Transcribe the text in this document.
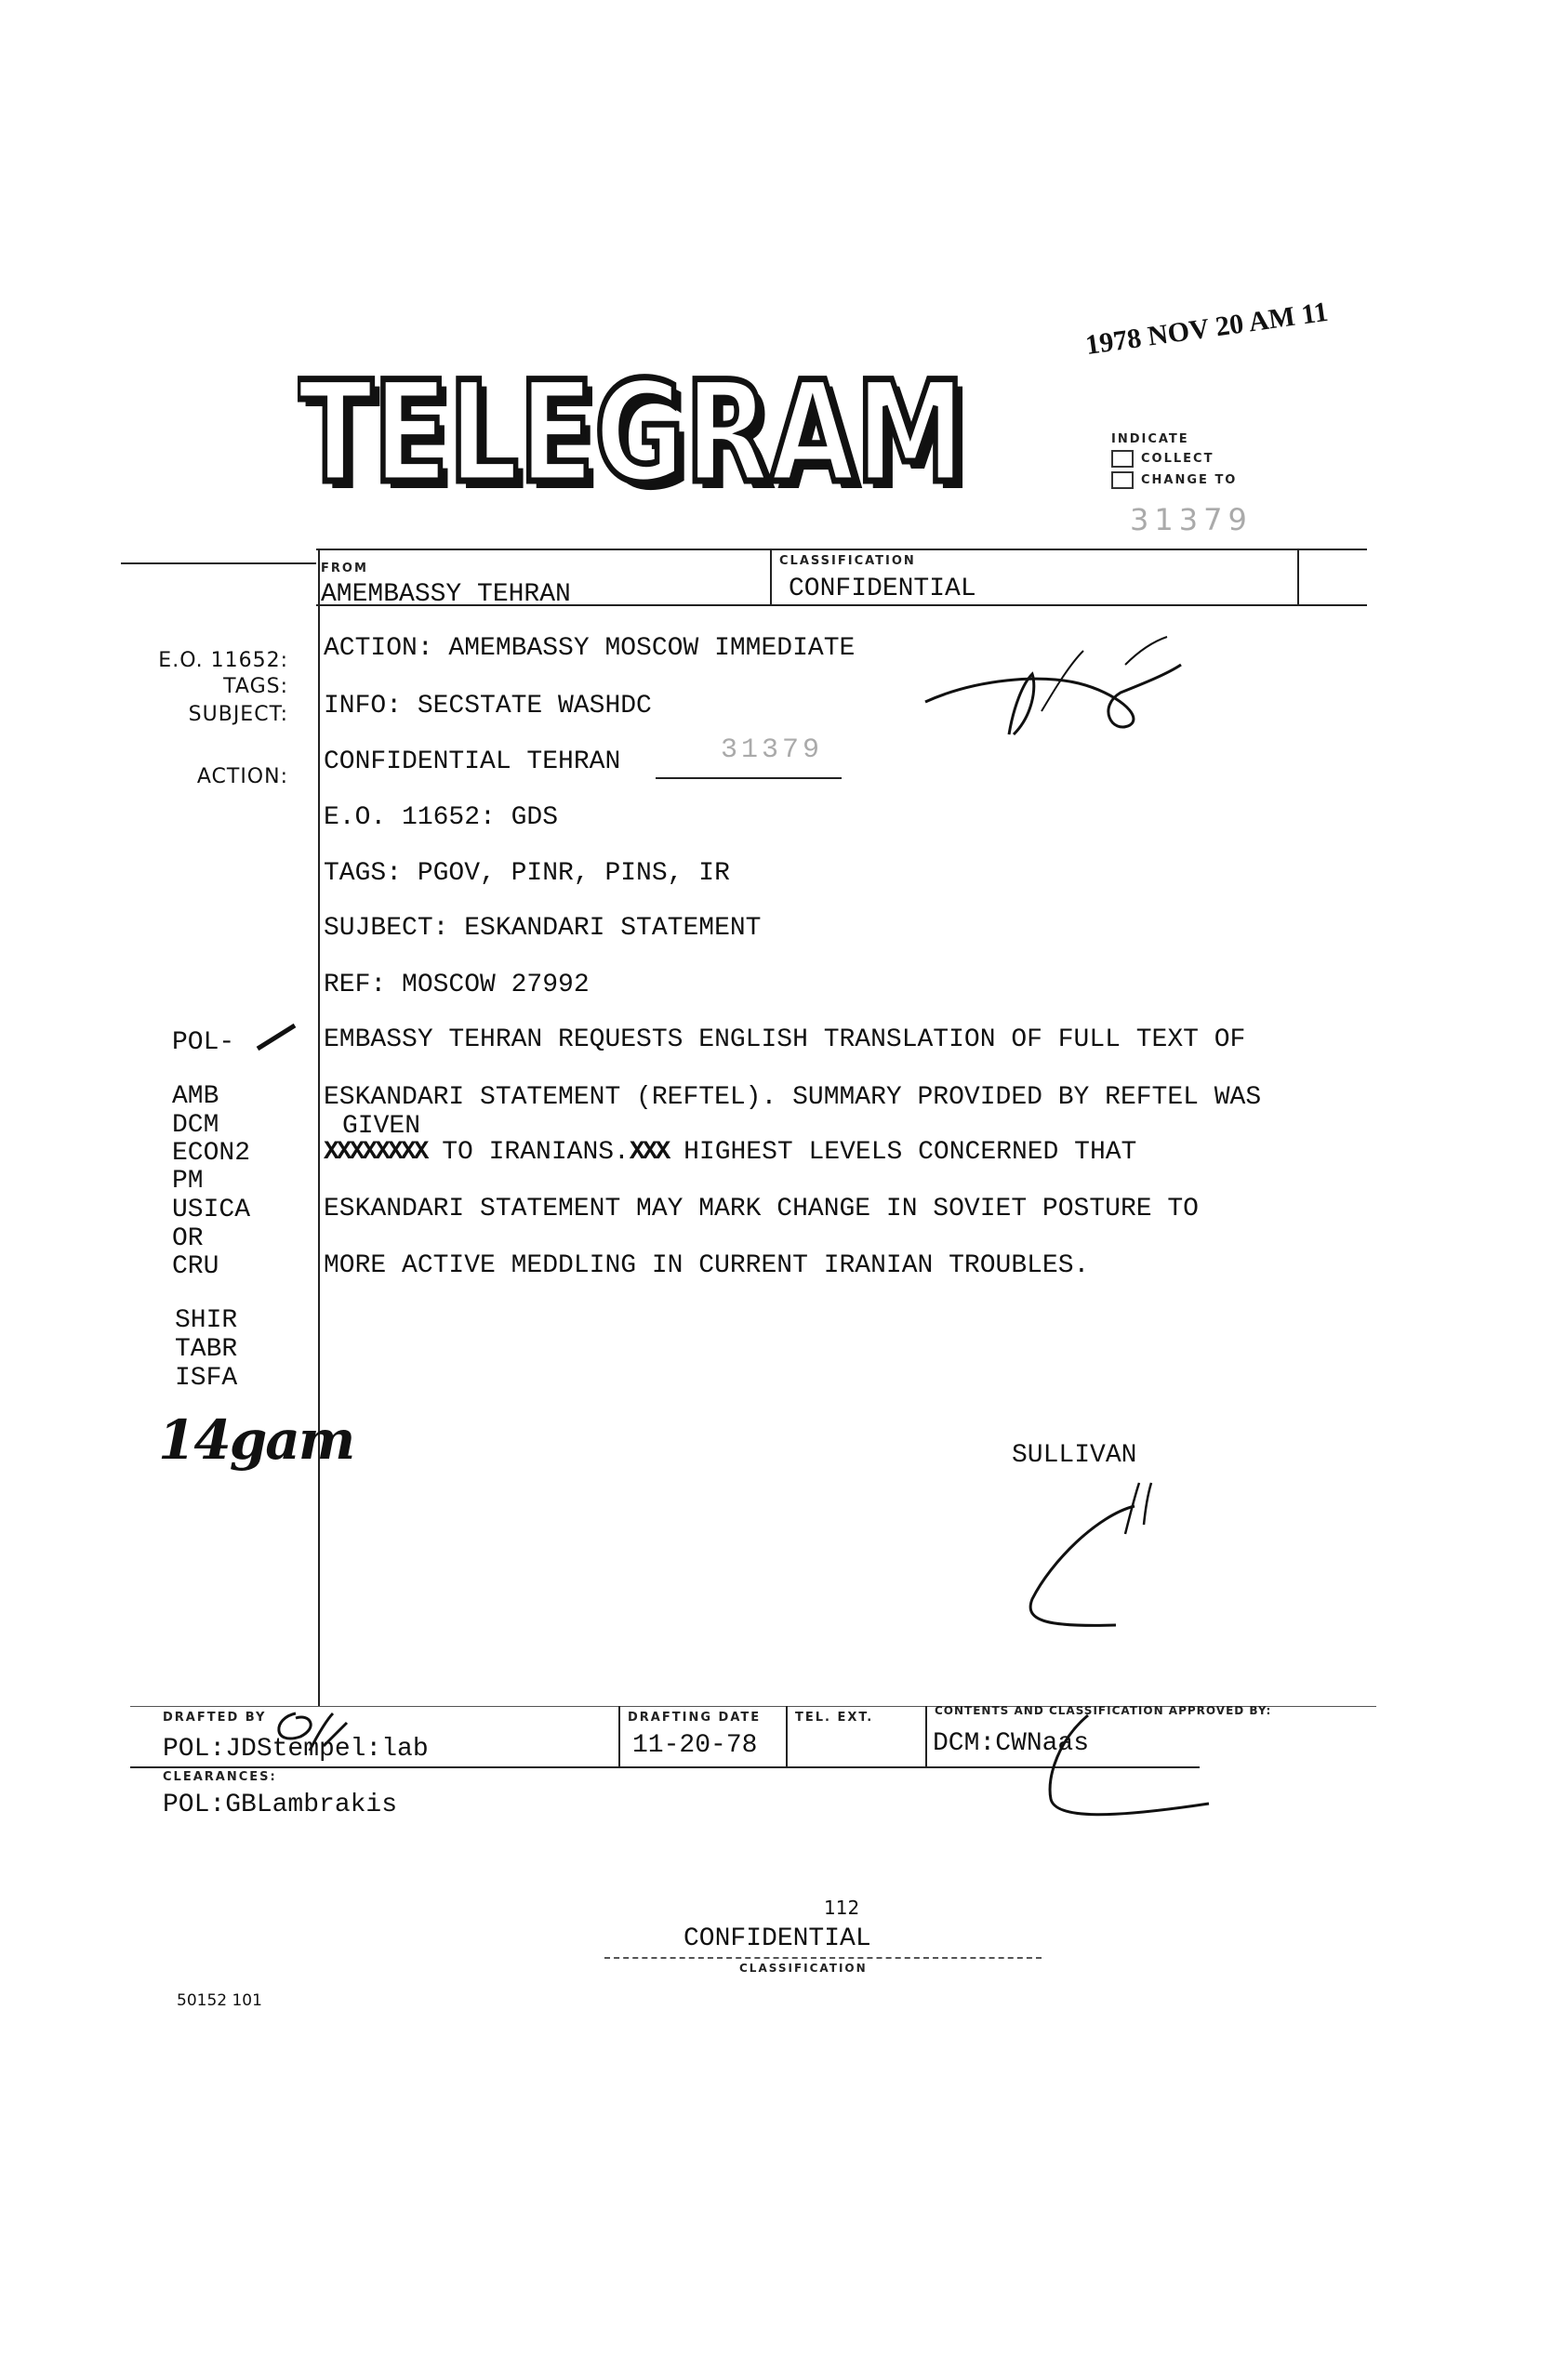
TELEGRAM
TELEGRAM
1978 NOV 20 AM 11
INDICATE
COLLECT
CHANGE TO
31379
FROM
AMEMBASSY TEHRAN
CLASSIFICATION
CONFIDENTIAL
E.O. 11652:
TAGS:
SUBJECT:
ACTION:
ACTION: AMEMBASSY MOSCOW IMMEDIATE
INFO: SECSTATE WASHDC
CONFIDENTIAL TEHRAN	31379
E.O. 11652: GDS
TAGS: PGOV, PINR, PINS, IR
SUJBECT: ESKANDARI STATEMENT
REF: MOSCOW 27992
EMBASSY TEHRAN REQUESTS ENGLISH TRANSLATION OF FULL TEXT OF
ESKANDARI STATEMENT (REFTEL). SUMMARY PROVIDED BY REFTEL WAS
GIVEN
XXXXXXXX TO IRANIANS.XXX HIGHEST LEVELS CONCERNED THAT
ESKANDARI STATEMENT MAY MARK CHANGE IN SOVIET POSTURE TO
MORE ACTIVE MEDDLING IN CURRENT IRANIAN TROUBLES.
SULLIVAN
POL-
AMB
DCM
ECON2
PM
USICA
OR
CRU
SHIR
TABR
ISFA
14gam
DRAFTED BY
POL:JDStempel:lab
DRAFTING DATE
11-20-78
TEL. EXT.	CONTENTS AND CLASSIFICATION APPROVED BY:
DCM:CWNaas
CLEARANCES:
POL:GBLambrakis
112
CONFIDENTIAL
CLASSIFICATION
50152 101
